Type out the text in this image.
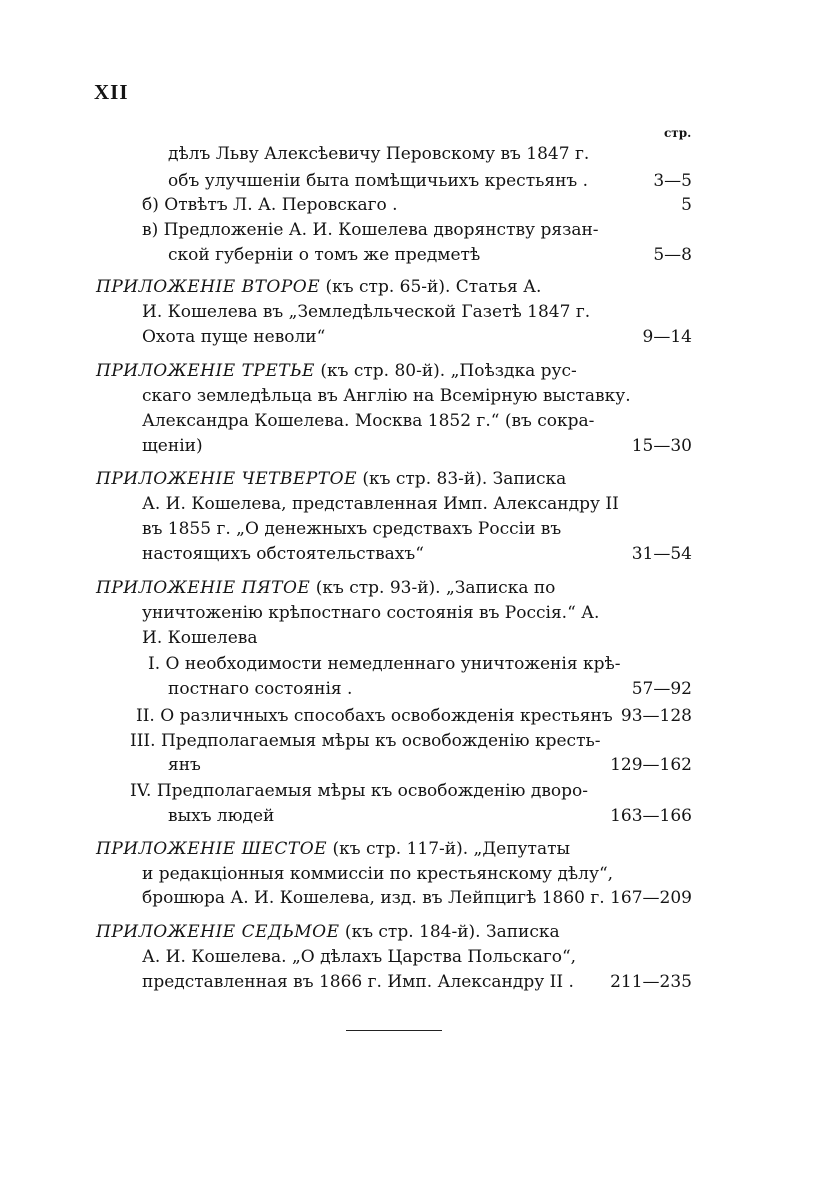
XII
стр.
дѣлъ Льву Алексѣевичу Перовскому въ 1847 г.
объ улучшеніи быта помѣщичьихъ крестьянъ .
б) Отвѣтъ Л. А. Перовскаго .
в) Предложеніе А. И. Кошелева дворянству рязан-
ской губерніи о томъ же предметѣ
ПРИЛОЖЕНІЕ ВТОРОЕ (къ стр. 65-й). Статья А.
И. Кошелева въ „Земледѣльческой Газетѣ 1847 г.
Охота пуще неволи“
ПРИЛОЖЕНІЕ ТРЕТЬЕ (къ стр. 80-й). „Поѣздка рус-
скаго земледѣльца въ Англію на Всемірную выставку.
Александра Кошелева. Москва 1852 г.“ (въ сокра-
щеніи)
ПРИЛОЖЕНІЕ ЧЕТВЕРТОЕ (къ стр. 83-й). Записка
А. И. Кошелева, представленная Имп. Александру II
въ 1855 г. „О денежныхъ средствахъ Россіи въ
настоящихъ обстоятельствахъ“
ПРИЛОЖЕНІЕ ПЯТОЕ (къ стр. 93-й). „Записка по
уничтоженію крѣпостнаго состоянія въ Россія.“ А.
И. Кошелева
I. О необходимости немедленнаго уничтоженія крѣ-
постнаго состоянія .
II. О различныхъ способахъ освобожденія крестьянъ
III. Предполагаемыя мѣры къ освобожденію кресть-
янъ
IV. Предполагаемыя мѣры къ освобожденію дворо-
выхъ людей
ПРИЛОЖЕНІЕ ШЕСТОЕ (къ стр. 117-й). „Депутаты
и редакціонныя коммиссіи по крестьянскому дѣлу“,
брошюра А. И. Кошелева, изд. въ Лейпцигѣ 1860 г.
ПРИЛОЖЕНІЕ СЕДЬМОЕ (къ стр. 184-й). Записка
А. И. Кошелева. „О дѣлахъ Царства Польскаго“,
представленная въ 1866 г. Имп. Александру II .
3—5
5
5—8
9—14
15—30
31—54
57—92
93—128
129—162
163—166
167—209
211—235
